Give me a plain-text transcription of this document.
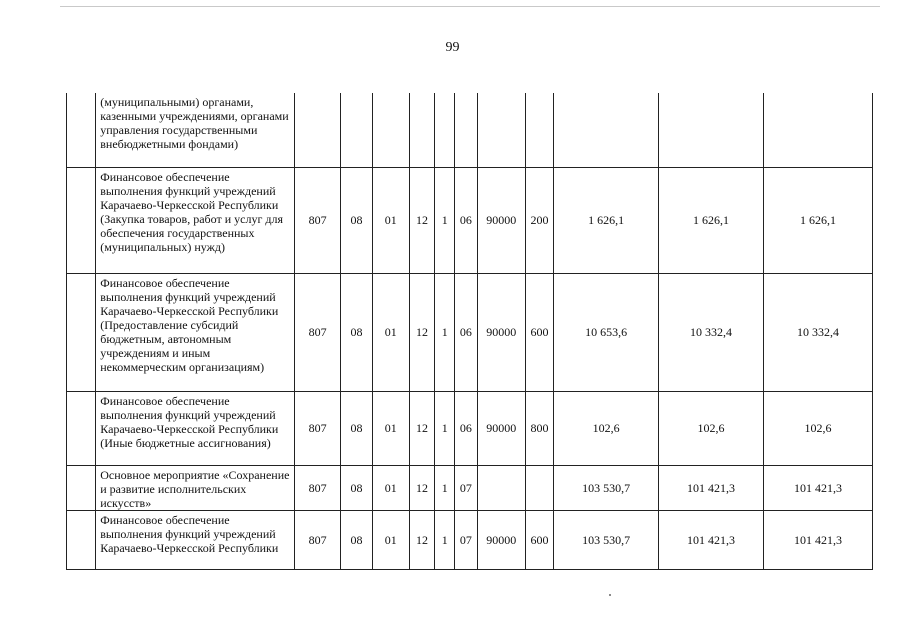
99
	(муниципальными) органами, казенными учреждениями, органами управления государственными внебюджетными фондами)											
	Финансовое обеспечение выполнения функций учреждений Карачаево-Черкесской Республики (Закупка товаров, работ и услуг для обеспечения государственных (муниципальных) нужд)	807	08	01	12	1	06	90000	200	1 626,1	1 626,1	1 626,1
	Финансовое обеспечение выполнения функций учреждений Карачаево-Черкесской Республики (Предоставление субсидий бюджетным, автономным учреждениям и иным некоммерческим организациям)	807	08	01	12	1	06	90000	600	10 653,6	10 332,4	10 332,4
	Финансовое обеспечение выполнения функций учреждений Карачаево-Черкесской Республики (Иные бюджетные ассигнования)	807	08	01	12	1	06	90000	800	102,6	102,6	102,6
	Основное мероприятие «Сохранение и развитие исполнительских искусств»	807	08	01	12	1	07			103 530,7	101 421,3	101 421,3
	Финансовое обеспечение выполнения функций учреждений Карачаево-Черкесской Республики	807	08	01	12	1	07	90000	600	103 530,7	101 421,3	101 421,3
